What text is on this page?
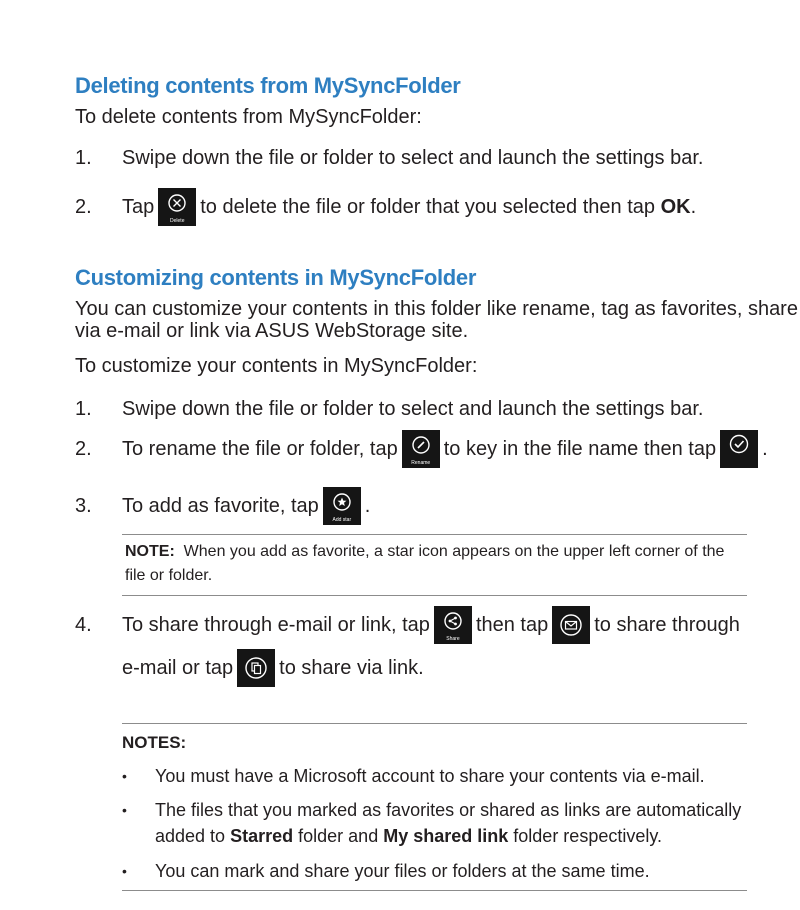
Deleting contents from MySyncFolder
To delete contents from MySyncFolder:
1.	Swipe down the file or folder to select and launch the settings bar.
2.	Tap
Delete
to delete the file or folder that you selected then tap
OK .
Customizing contents in MySyncFolder
You can customize your contents in this folder like rename, tag as favorites, share
via e-mail or link via ASUS WebStorage site.
To customize your contents in MySyncFolder:
1.	Swipe down the file or folder to select and launch the settings bar.
2.	To rename the file or folder, tap
Rename
to key in the file name then tap .
3.	To add as favorite, tap
Add star
.
NOTE: When you add as favorite, a star icon appears on the upper left corner of the file or folder.
4.	To share through e-mail or link, tap
Share
then tap to share through
e-mail or tap to share via link.
NOTES:
• You must have a Microsoft account to share your contents via e-mail.
• The files that you marked as favorites or shared as links are automatically added to Starred folder and My shared link folder respectively.
• You can mark and share your files or folders at the same time.
